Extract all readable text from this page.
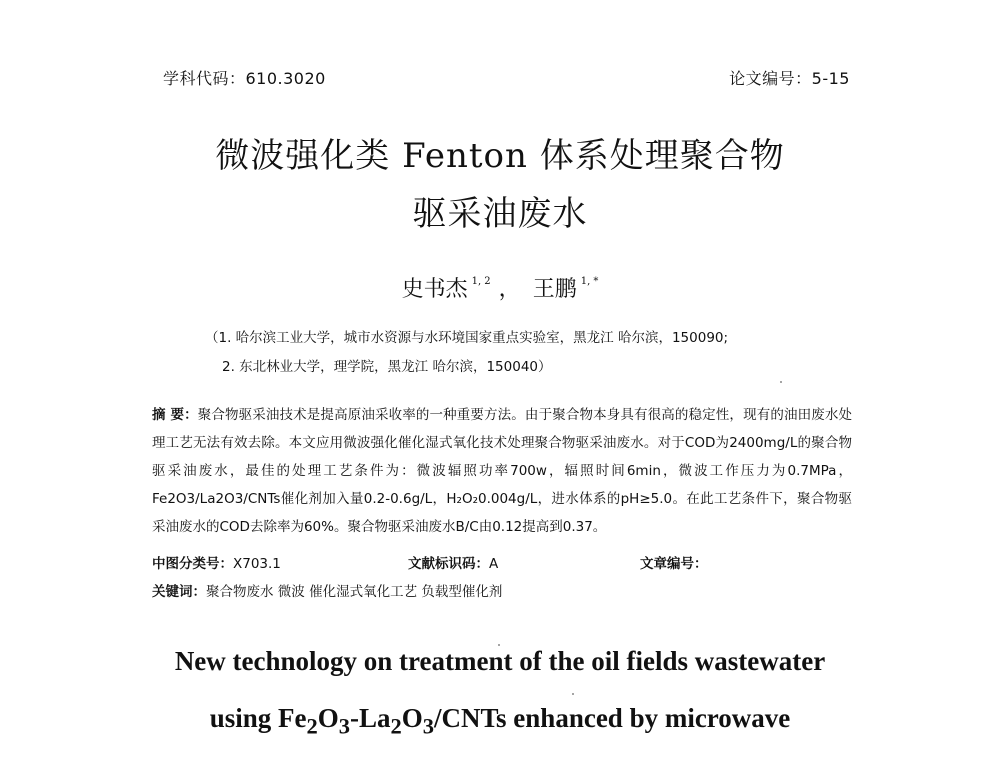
学科代码：610.3020	论文编号：5-15
微波强化类 Fenton 体系处理聚合物
驱采油废水
史书杰 $^{1, 2}$ ， 王鹏 $^{1, *}$
（1. 哈尔滨工业大学，城市水资源与水环境国家重点实验室，黑龙江 哈尔滨，150090;
2. 东北林业大学，理学院，黑龙江 哈尔滨，150040）
摘 要：聚合物驱采油技术是提高原油采收率的一种重要方法。由于聚合物本身具有很高的稳定性，现有的油田废水处理工艺无法有效去除。本文应用微波强化催化湿式氧化技术处理聚合物驱采油废水。对于COD为2400mg/L的聚合物驱采油废水，最佳的处理工艺条件为：微波辐照功率700w，辐照时间6min，微波工作压力为0.7MPa，Fe2O3/La2O3/CNTs催化剂加入量0.2-0.6g/L，H₂O₂0.004g/L，进水体系的pH≥5.0。在此工艺条件下，聚合物驱采油废水的COD去除率为60%。聚合物驱采油废水B/C由0.12提高到0.37。
中图分类号：X703.1	文献标识码：A	文章编号：
关键词：聚合物废水 微波 催化湿式氧化工艺 负载型催化剂
New technology on treatment of the oil fields wastewater
using $Fe_2O_3-La_2O_3$/CNTs enhanced by microwave
